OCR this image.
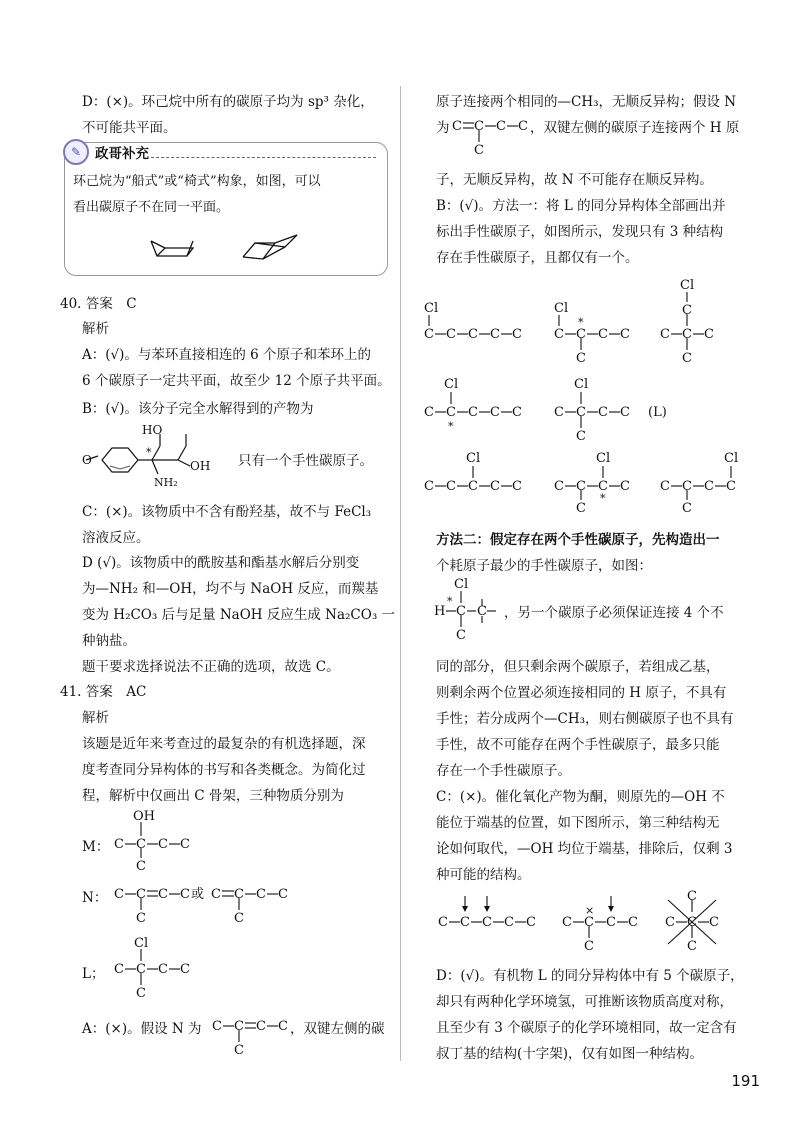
D：(×)。环己烷中所有的碳原子均为 sp³ 杂化，
不可能共平面。
✎	政哥补充
环己烷为“船式”或“椅式”构象，如图，可以
看出碳原子不在同一平面。
40. 答案　C
解析
A：(√)。与苯环直接相连的 6 个原子和苯环上的
6 个碳原子一定共平面，故至少 12 个原子共平面。
B：(√)。该分子完全水解得到的产物为
O
HO
OH
*
NH₂
只有一个手性碳原子。
C：(×)。该物质中不含有酚羟基，故不与 FeCl₃
溶液反应。
D (√)。该物质中的酰胺基和酯基水解后分别变
为—NH₂ 和—OH，均不与 NaOH 反应，而羰基
变为 H₂CO₃ 后与足量 NaOH 反应生成 Na₂CO₃ 一
种钠盐。
题干要求选择说法不正确的选项，故选 C。
41. 答案　AC
解析
该题是近年来考查过的最复杂的有机选择题，深
度考查同分异构体的书写和各类概念。为简化过
程，解析中仅画出 C 骨架，三种物质分别为
M： C C C C
OH
C
N： C C C C
C
或 C C C C
C
L； C C C C
Cl
C
A：(×)。假设 N 为 C C C C
C
，双键左侧的碳
原子连接两个相同的—CH₃，无顺反异构；假设 N
为 C C C C
C
，双键左侧的碳原子连接两个 H 原
子，无顺反异构，故 N 不可能存在顺反异构。
B：(√)。方法一：将 L 的同分异构体全部画出并
标出手性碳原子，如图所示，发现只有 3 种结构
存在手性碳原子，且都仅有一个。
Cl
C C C C C
Cl
C C C C
*
C
Cl
C
C C C
C
Cl
C C C C C
*
Cl
C C C C
C
(L)
Cl
C C C C C
Cl
C C C C
*
C
Cl
C C C C
C
方法二：假定存在两个手性碳原子，先构造出一
个耗原子最少的手性碳原子，如图：
H C C
Cl
C
*
，另一个碳原子必须保证连接 4 个不
同的部分，但只剩余两个碳原子，若组成乙基，
则剩余两个位置必须连接相同的 H 原子，不具有
手性；若分成两个—CH₃，则右侧碳原子也不具有
手性，故不可能存在两个手性碳原子，最多只能
存在一个手性碳原子。
C：(×)。催化氧化产物为酮，则原先的—OH 不
能位于端基的位置，如下图所示，第三种结构无
论如何取代，—OH 均位于端基，排除后，仅剩 3
种可能的结构。
C C C C C C C C C
C
×
C C C
C
C
D：(√)。有机物 L 的同分异构体中有 5 个碳原子，
却只有两种化学环境氢，可推断该物质高度对称，
且至少有 3 个碳原子的化学环境相同，故一定含有
叔丁基的结构(十字架)，仅有如图一种结构。
191
